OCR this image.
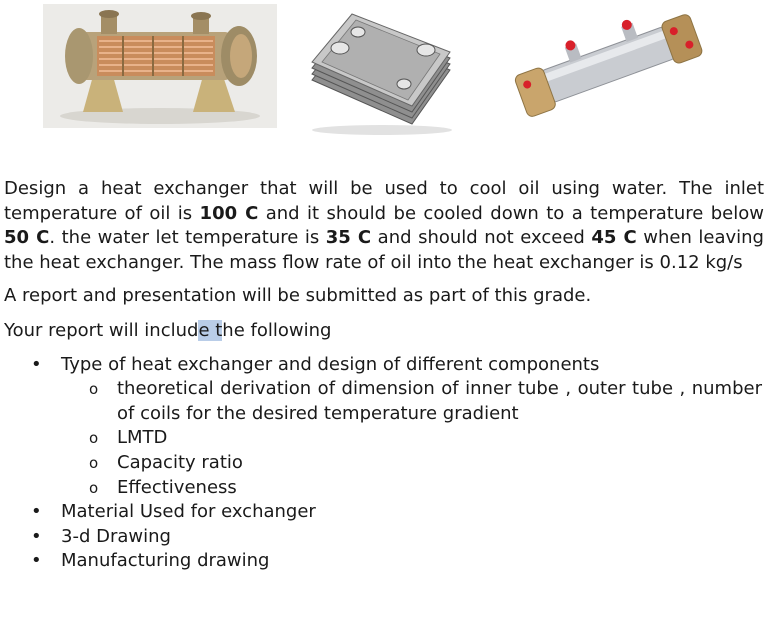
Design a heat exchanger that will be used to cool oil using water. The inlet temperature of oil is 100 C and it should be cooled down to a temperature below 50 C. the water let temperature is 35 C and should not exceed 45 C when leaving the heat exchanger. The mass flow rate of oil into the heat exchanger is 0.12 kg/s

A report and presentation will be submitted as part of this grade.

Your report will include the following

• Type of heat exchanger and design of different components
o theoretical derivation of dimension of inner tube , outer tube , number of coils for the desired temperature gradient
o LMTD
o Capacity ratio
o Effectiveness
• Material Used for exchanger
• 3-d Drawing
• Manufacturing drawing
